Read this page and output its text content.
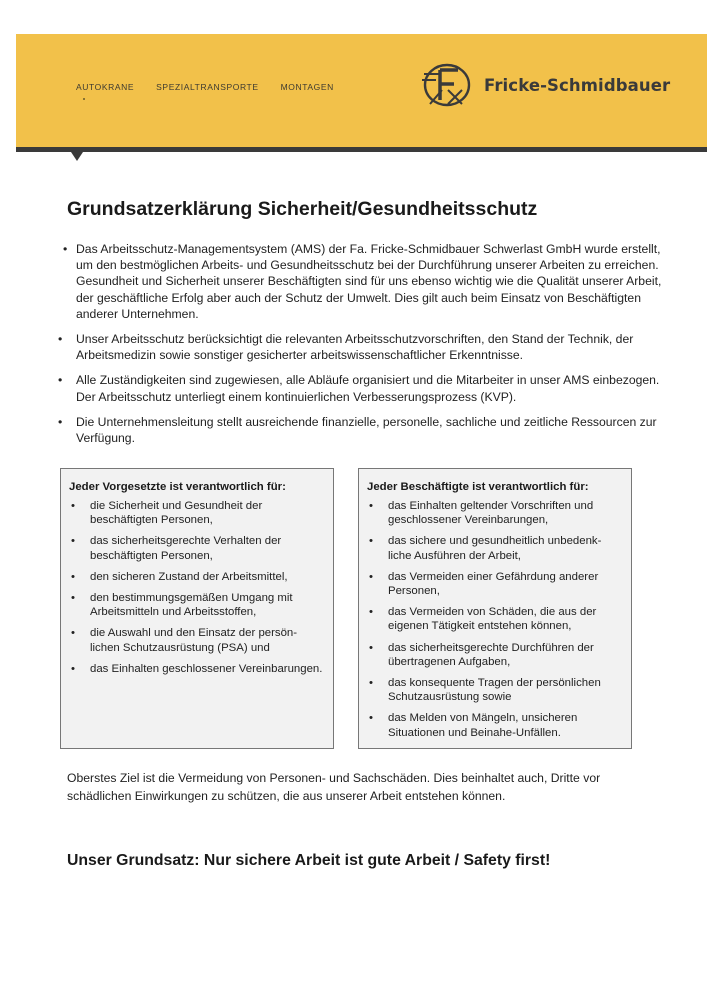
AUTOKRANE	SPEZIALTRANSPORTE	MONTAGEN	Fricke-Schmidbauer
Grundsatzerklärung Sicherheit/Gesundheitsschutz
• Das Arbeitsschutz-Managementsystem (AMS) der Fa. Fricke-Schmidbauer Schwerlast GmbH wurde erstellt, um den bestmöglichen Arbeits- und Gesundheitsschutz bei der Durchführung unserer Arbeiten zu erreichen. Gesundheit und Sicherheit unserer Beschäftigten sind für uns ebenso wichtig wie die Qualität unserer Arbeit, der geschäftliche Erfolg aber auch der Schutz der Umwelt. Dies gilt auch beim Einsatz von Beschäftigten anderer Unternehmen.
• Unser Arbeitsschutz berücksichtigt die relevanten Arbeitsschutzvorschriften, den Stand der Technik, der Arbeitsmedizin sowie sonstiger gesicherter arbeitswissenschaftlicher Erkenntnisse.
• Alle Zuständigkeiten sind zugewiesen, alle Abläufe organisiert und die Mitarbeiter in unser AMS einbezogen. Der Arbeitsschutz unterliegt einem kontinuierlichen Verbesserungsprozess (KVP).
• Die Unternehmensleitung stellt ausreichende finanzielle, personelle, sachliche und zeitliche Ressourcen zur Verfügung.
Jeder Vorgesetzte ist verantwortlich für:
• die Sicherheit und Gesundheit der beschäftigten Personen,
• das sicherheitsgerechte Verhalten der beschäftigten Personen,
• den sicheren Zustand der Arbeitsmittel,
• den bestimmungsgemäßen Umgang mit Arbeitsmitteln und Arbeitsstoffen,
• die Auswahl und den Einsatz der persön-lichen Schutzausrüstung (PSA) und
• das Einhalten geschlossener Vereinbarungen.
Jeder Beschäftigte ist verantwortlich für:
• das Einhalten geltender Vorschriften und geschlossener Vereinbarungen,
• das sichere und gesundheitlich unbedenk-liche Ausführen der Arbeit,
• das Vermeiden einer Gefährdung anderer Personen,
• das Vermeiden von Schäden, die aus der eigenen Tätigkeit entstehen können,
• das sicherheitsgerechte Durchführen der übertragenen Aufgaben,
• das konsequente Tragen der persönlichen Schutzausrüstung sowie
• das Melden von Mängeln, unsicheren Situationen und Beinahe-Unfällen.

Oberstes Ziel ist die Vermeidung von Personen- und Sachschäden. Dies beinhaltet auch, Dritte vor schädlichen Einwirkungen zu schützen, die aus unserer Arbeit entstehen können.

Unser Grundsatz: Nur sichere Arbeit ist gute Arbeit / Safety first!
